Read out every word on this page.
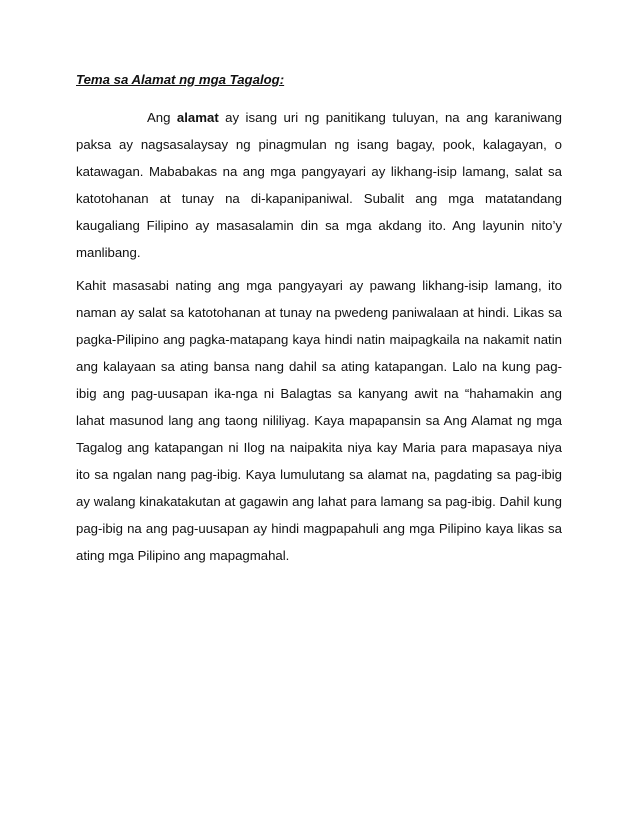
Tema sa Alamat ng mga Tagalog:

Ang alamat ay isang uri ng panitikang tuluyan, na ang karaniwang paksa ay nagsasalaysay ng pinagmulan ng isang bagay, pook, kalagayan, o katawagan. Mababakas na ang mga pangyayari ay likhang-isip lamang, salat sa katotohanan at tunay na di-kapanipaniwal. Subalit ang mga matatandang kaugaliang Filipino ay masasalamin din sa mga akdang ito. Ang layunin nito’y manlibang.

Kahit masasabi nating ang mga pangyayari ay pawang likhang-isip lamang, ito naman ay salat sa katotohanan at tunay na pwedeng paniwalaan at hindi. Likas sa pagka-Pilipino ang pagka-matapang kaya hindi natin maipagkaila na nakamit natin ang kalayaan sa ating bansa nang dahil sa ating katapangan. Lalo na kung pag-ibig ang pag-uusapan ika-nga ni Balagtas sa kanyang awit na “hahamakin ang lahat masunod lang ang taong nililiyag. Kaya mapapansin sa Ang Alamat ng mga Tagalog ang katapangan ni Ilog na naipakita niya kay Maria para mapasaya niya ito sa ngalan nang pag-ibig. Kaya lumulutang sa alamat na, pagdating sa pag-ibig ay walang kinakatakutan at gagawin ang lahat para lamang sa pag-ibig. Dahil kung pag-ibig na ang pag-uusapan ay hindi magpapahuli ang mga Pilipino kaya likas sa ating mga Pilipino ang mapagmahal.
